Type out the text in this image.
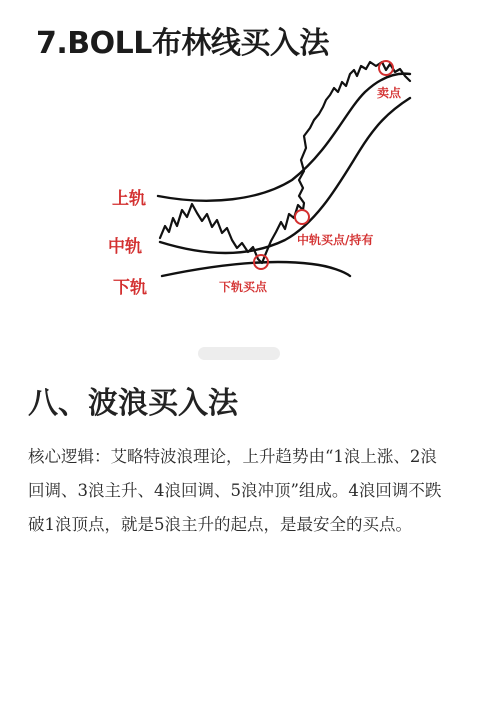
7.BOLL布林线买入法
上轨
中轨
下轨
卖点
中轨买点/持有
下轨买点
八、波浪买入法

核心逻辑：艾略特波浪理论，上升趋势由“1浪上涨、2浪回调、3浪主升、4浪回调、5浪冲顶”组成。4浪回调不跌破1浪顶点，就是5浪主升的起点，是最安全的买点。
